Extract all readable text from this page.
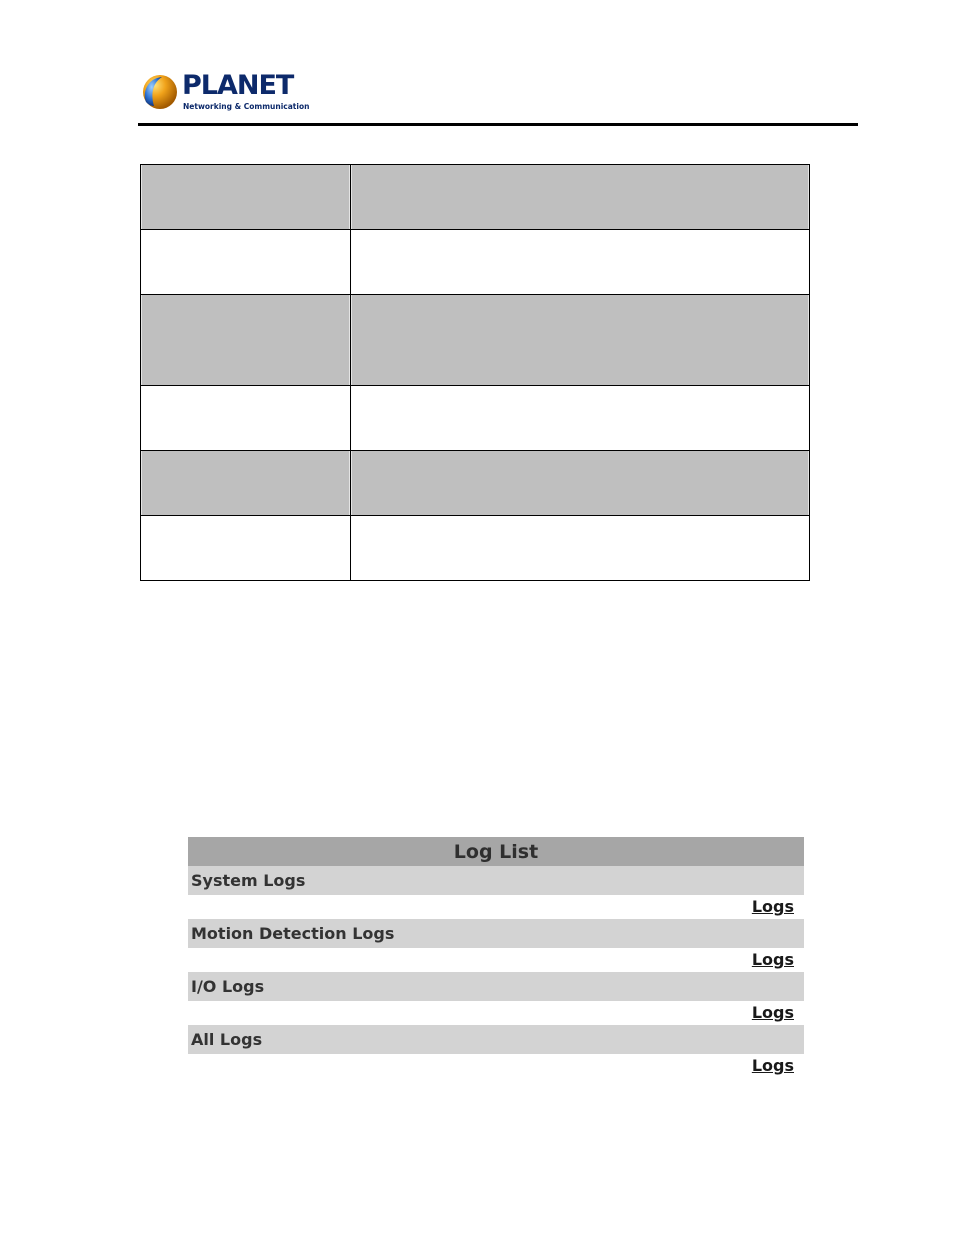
PLANET
Networking & Communication

Log List
System Logs
Logs
Motion Detection Logs
Logs
I/O Logs
Logs
All Logs
Logs
